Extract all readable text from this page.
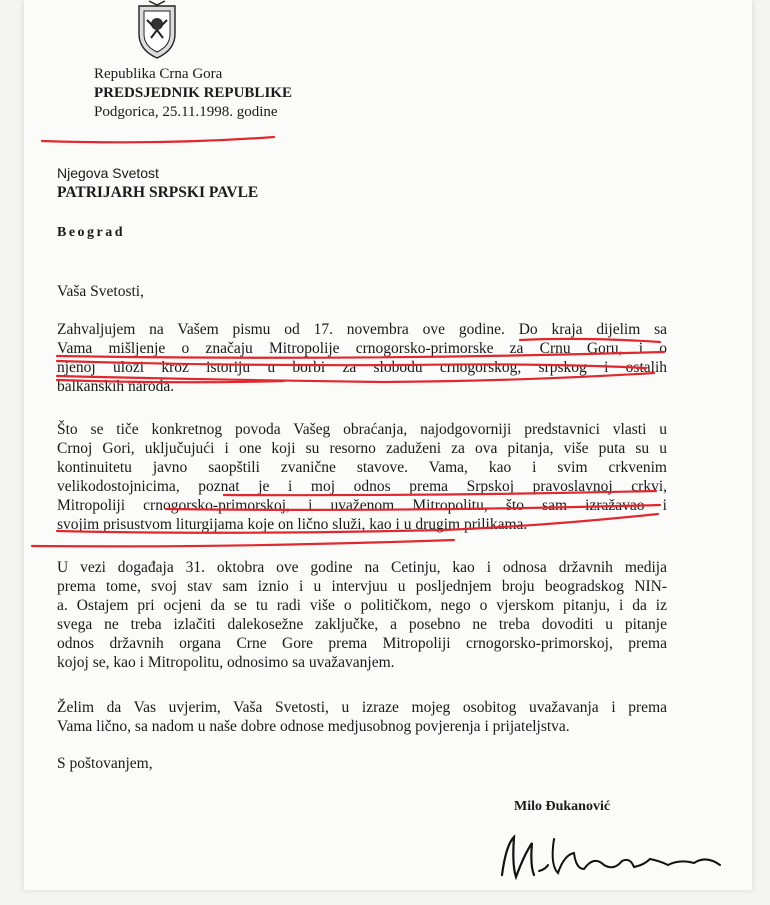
Republika Crna Gora
PREDSJEDNIK REPUBLIKE
Podgorica, 25.11.1998. godine
Njegova Svetost
PATRIJARH SRPSKI PAVLE
Beograd
Vaša Svetosti,
Zahvaljujem na Vašem pismu od 17. novembra ove godine. Do kraja dijelim sa
Vama mišljenje o značaju Mitropolije crnogorsko-primorske za Crnu Goru, i o
njenoj ulozi kroz istoriju u borbi za slobodu crnogorskog, srpskog i ostalih
balkanskih naroda.
Što se tiče konkretnog povoda Vašeg obraćanja, najodgovorniji predstavnici vlasti u
Crnoj Gori, uključujući i one koji su resorno zaduženi za ova pitanja, više puta su u
kontinuitetu javno saopštili zvanične stavove. Vama, kao i svim crkvenim
velikodostojnicima, poznat je i moj odnos prema Srpskoj pravoslavnoj crkvi,
Mitropoliji crnogorsko-primorskoj, i uvaženom Mitropolitu, što sam izražavao i
svojim prisustvom liturgijama koje on lično služi, kao i u drugim prilikama.
U vezi događaja 31. oktobra ove godine na Cetinju, kao i odnosa državnih medija
prema tome, svoj stav sam iznio i u intervjuu u posljednjem broju beogradskog NIN-
a. Ostajem pri ocjeni da se tu radi više o političkom, nego o vjerskom pitanju, i da iz
svega ne treba izlačiti dalekosežne zaključke, a posebno ne treba dovoditi u pitanje
odnos državnih organa Crne Gore prema Mitropoliji crnogorsko-primorskoj, prema
kojoj se, kao i Mitropolitu, odnosimo sa uvažavanjem.
Želim da Vas uvjerim, Vaša Svetosti, u izraze mojeg osobitog uvažavanja i prema
Vama lično, sa nadom u naše dobre odnose medjusobnog povjerenja i prijateljstva.
S poštovanjem,
Milo Đukanović
